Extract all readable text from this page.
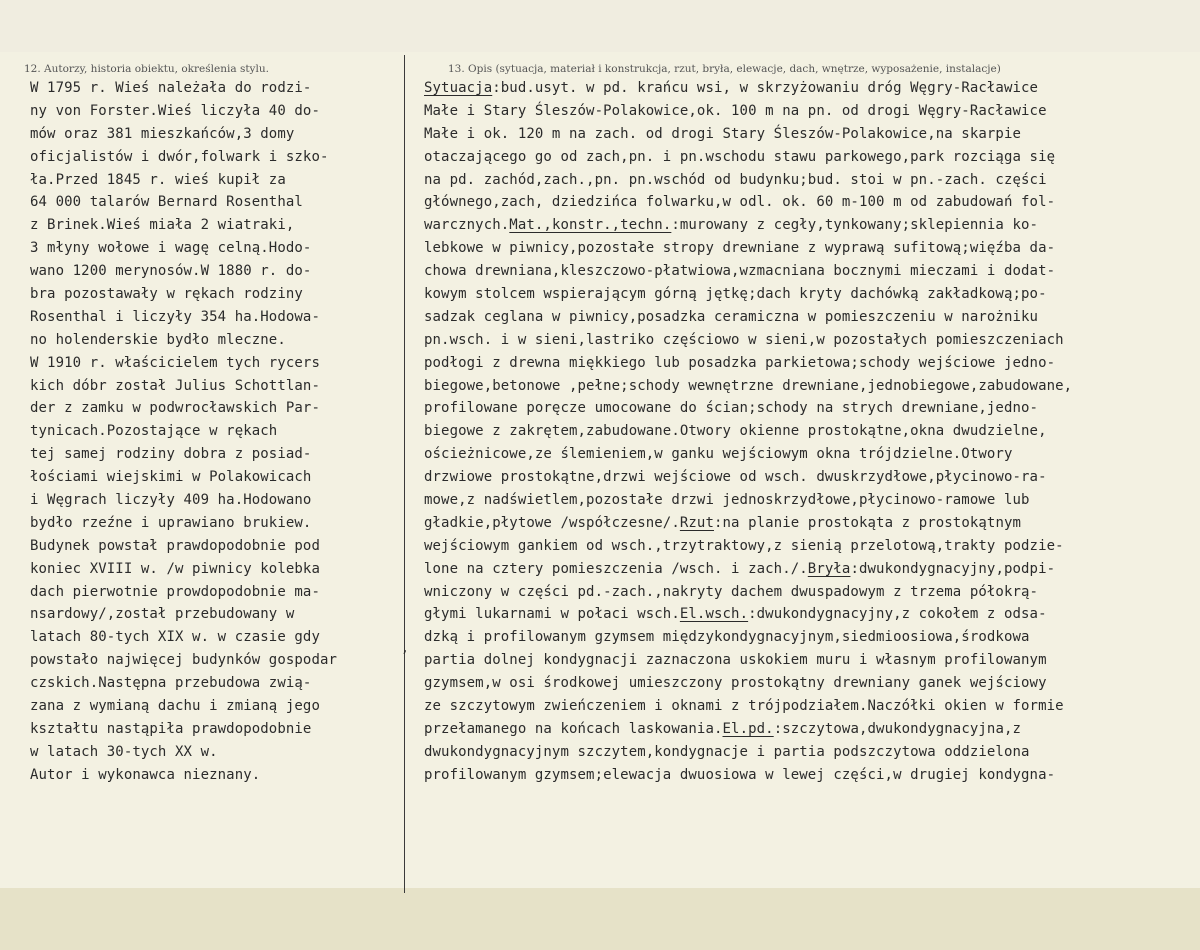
12. Autorzy, historia obiektu, określenia stylu.	13. Opis (sytuacja, materiał i konstrukcja, rzut, bryła, elewacje, dach, wnętrze, wyposażenie, instalacje)
W 1795 r. Wieś należała do rodzi-
ny von Forster.Wieś liczyła 40 do-
mów oraz 381 mieszkańców,3 domy
oficjalistów i dwór,folwark i szko-
ła.Przed 1845 r. wieś kupił za
64 000 talarów Bernard Rosenthal
z Brinek.Wieś miała 2 wiatraki,
3 młyny wołowe i wagę celną.Hodo-
wano 1200 merynosów.W 1880 r. do-
bra pozostawały w rękach rodziny
Rosenthal i liczyły 354 ha.Hodowa-
no holenderskie bydło mleczne.
W 1910 r. właścicielem tych rycers
kich dóbr został Julius Schottlan-
der z zamku w podwrocławskich Par-
tynicach.Pozostające w rękach
tej samej rodziny dobra z posiad-
łościami wiejskimi w Polakowicach
i Węgrach liczyły 409 ha.Hodowano
bydło rzeźne i uprawiano brukiew.
Budynek powstał prawdopodobnie pod
koniec XVIII w. /w piwnicy kolebka
dach pierwotnie prowdopodobnie ma-
nsardowy/,został przebudowany w
latach 80-tych XIX w. w czasie gdy
powstało najwięcej budynków gospodar
czskich.Następna przebudowa zwią-
zana z wymianą dachu i zmianą jego
kształtu nastąpiła prawdopodobnie
w latach 30-tych XX w.
Autor i wykonawca nieznany.
Sytuacja:bud.usyt. w pd. krańcu wsi, w skrzyżowaniu dróg Węgry-Racławice
Małe i Stary Śleszów-Polakowice,ok. 100 m na pn. od drogi Węgry-Racławice
Małe i ok. 120 m na zach. od drogi Stary Śleszów-Polakowice,na skarpie
otaczającego go od zach,pn. i pn.wschodu stawu parkowego,park rozciąga się
na pd. zachód,zach.,pn. pn.wschód od budynku;bud. stoi w pn.-zach. części
głównego,zach, dziedzińca folwarku,w odl. ok. 60 m-100 m od zabudowań fol-
warcznych.Mat.,konstr.,techn.:murowany z cegły,tynkowany;sklepiennia ko-
lebkowe w piwnicy,pozostałe stropy drewniane z wyprawą sufitową;więźba da-
chowa drewniana,kleszczowo-płatwiowa,wzmacniana bocznymi mieczami i dodat-
kowym stolcem wspierającym górną jętkę;dach kryty dachówką zakładkową;po-
sadzak ceglana w piwnicy,posadzka ceramiczna w pomieszczeniu w narożniku
pn.wsch. i w sieni,lastriko częściowo w sieni,w pozostałych pomieszczeniach
podłogi z drewna miękkiego lub posadzka parkietowa;schody wejściowe jedno-
biegowe,betonowe ,pełne;schody wewnętrzne drewniane,jednobiegowe,zabudowane,
profilowane poręcze umocowane do ścian;schody na strych drewniane,jedno-
biegowe z zakrętem,zabudowane.Otwory okienne prostokątne,okna dwudzielne,
ościeżnicowe,ze ślemieniem,w ganku wejściowym okna trójdzielne.Otwory
drzwiowe prostokątne,drzwi wejściowe od wsch. dwuskrzydłowe,płycinowo-ra-
mowe,z nadświetlem,pozostałe drzwi jednoskrzydłowe,płycinowo-ramowe lub
gładkie,płytowe /współczesne/.Rzut:na planie prostokąta z prostokątnym
wejściowym gankiem od wsch.,trzytraktowy,z sienią przelotową,trakty podzie-
lone na cztery pomieszczenia /wsch. i zach./.Bryła:dwukondygnacyjny,podpi-
wniczony w części pd.-zach.,nakryty dachem dwuspadowym z trzema półokrą-
głymi lukarnami w połaci wsch.El.wsch.:dwukondygnacyjny,z cokołem z odsa-
dzką i profilowanym gzymsem międzykondygnacyjnym,siedmioosiowa,środkowa
partia dolnej kondygnacji zaznaczona uskokiem muru i własnym profilowanym
gzymsem,w osi środkowej umieszczony prostokątny drewniany ganek wejściowy
ze szczytowym zwieńczeniem i oknami z trójpodziałem.Naczółki okien w formie
przełamanego na końcach laskowania.El.pd.:szczytowa,dwukondygnacyjna,z
dwukondygnacyjnym szczytem,kondygnacje i partia podszczytowa oddzielona
profilowanym gzymsem;elewacja dwuosiowa w lewej części,w drugiej kondygna-
,
